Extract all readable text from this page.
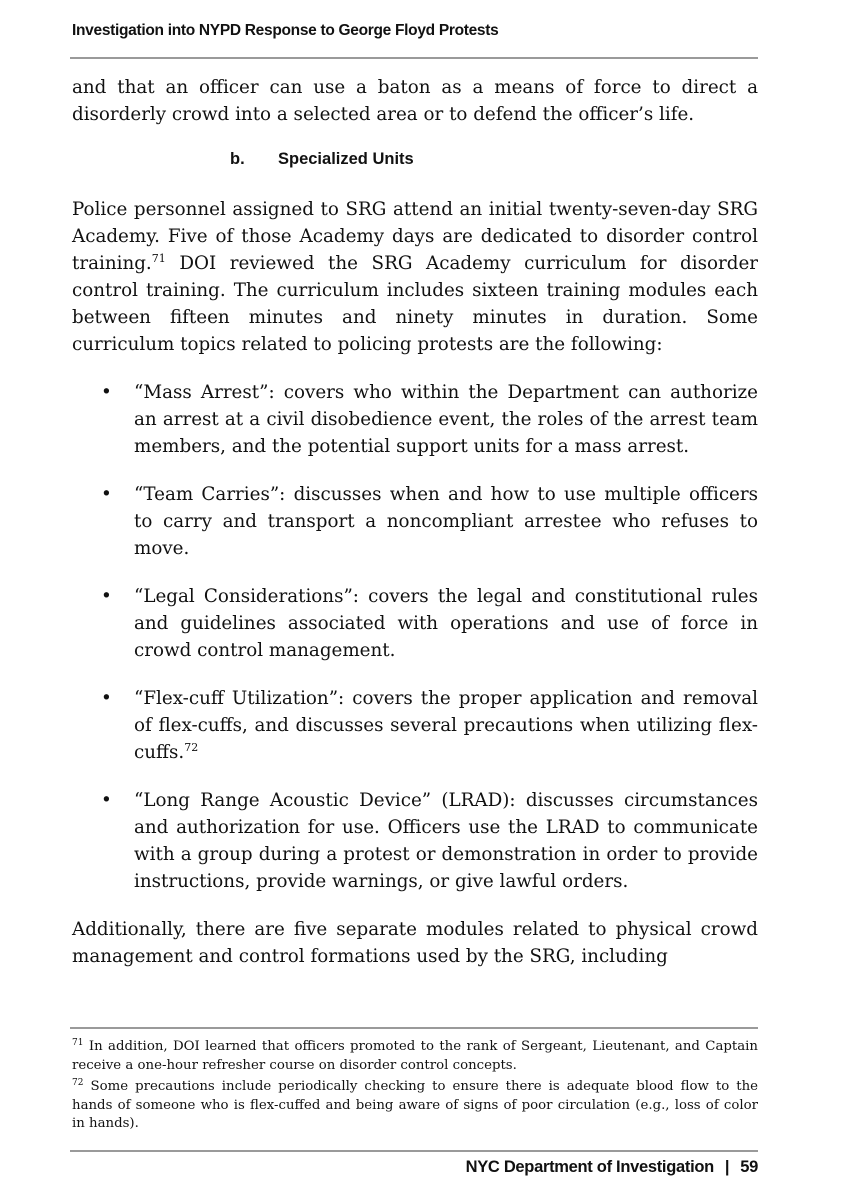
Investigation into NYPD Response to George Floyd Protests

and that an officer can use a baton as a means of force to direct a disorderly crowd into a selected area or to defend the officer’s life.

b. Specialized Units

Police personnel assigned to SRG attend an initial twenty-seven-day SRG Academy. Five of those Academy days are dedicated to disorder control training.$^{71}$ DOI reviewed the SRG Academy curriculum for disorder control training. The curriculum includes sixteen training modules each between fifteen minutes and ninety minutes in duration. Some curriculum topics related to policing protests are the following:

• “Mass Arrest”: covers who within the Department can authorize an arrest at a civil disobedience event, the roles of the arrest team members, and the potential support units for a mass arrest.
• “Team Carries”: discusses when and how to use multiple officers to carry and transport a noncompliant arrestee who refuses to move.
• “Legal Considerations”: covers the legal and constitutional rules and guidelines associated with operations and use of force in crowd control management.
• “Flex-cuff Utilization”: covers the proper application and removal of flex-cuffs, and discusses several precautions when utilizing flex-cuffs.$^{72}$
• “Long Range Acoustic Device” (LRAD): discusses circumstances and authorization for use. Officers use the LRAD to communicate with a group during a protest or demonstration in order to provide instructions, provide warnings, or give lawful orders.

Additionally, there are five separate modules related to physical crowd management and control formations used by the SRG, including

$^{71}$ In addition, DOI learned that officers promoted to the rank of Sergeant, Lieutenant, and Captain receive a one-hour refresher course on disorder control concepts.
$^{72}$ Some precautions include periodically checking to ensure there is adequate blood flow to the hands of someone who is flex-cuffed and being aware of signs of poor circulation (e.g., loss of color in hands).
NYC Department of Investigation | 59
